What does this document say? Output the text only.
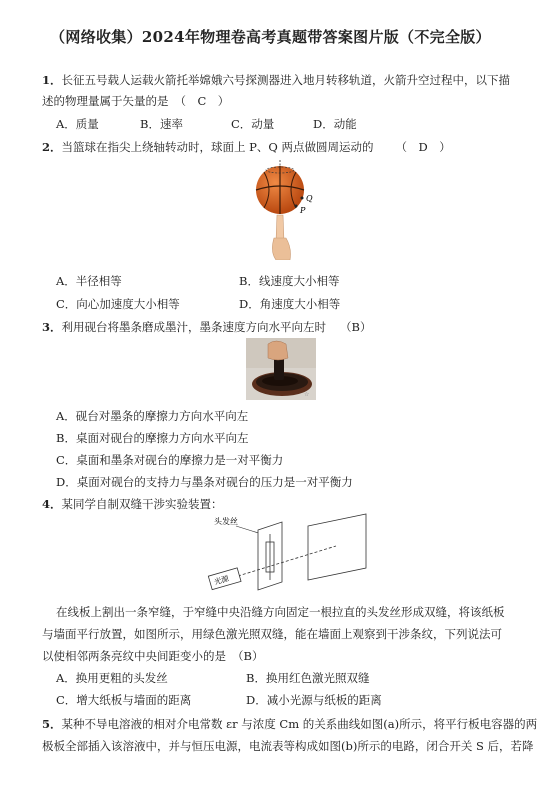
（网络收集）2024年物理卷高考真题带答案图片版（不完全版）
1．长征五号载人运载火箭托举嫦娥六号探测器进入地月转移轨道，火箭升空过程中，以下描
述的物理量属于矢量的是 （　C　）
A．质量	B．速率	C．动量	D．动能
2．当篮球在指尖上绕轴转动时，球面上 P、Q 两点做圆周运动的 （　D　）
Q
P
A．半径相等	B．线速度大小相等
C．向心加速度大小相等	D．角速度大小相等
3．利用砚台将墨条磨成墨汁，墨条速度方向水平向左时 （B）
☆
A．砚台对墨条的摩擦力方向水平向左
B．桌面对砚台的摩擦力方向水平向左
C．桌面和墨条对砚台的摩擦力是一对平衡力
D．桌面对砚台的支持力与墨条对砚台的压力是一对平衡力
4．某同学自制双缝干涉实验装置：
头发丝
光源
在线板上割出一条窄缝，于窄缝中央沿缝方向固定一根拉直的头发丝形成双缝，将该纸板
与墙面平行放置，如图所示，用绿色激光照双缝，能在墙面上观察到干涉条纹，下列说法可
以使相邻两条亮纹中央间距变小的是 （B）
A．换用更粗的头发丝	B．换用红色激光照双缝
C．增大纸板与墙面的距离	D．减小光源与纸板的距离
5．某种不导电溶液的相对介电常数 εr 与浓度 Cm 的关系曲线如图(a)所示，将平行板电容器的两
极板全部插入该溶液中，并与恒压电源，电流表等构成如图(b)所示的电路，闭合开关 S 后，若降
